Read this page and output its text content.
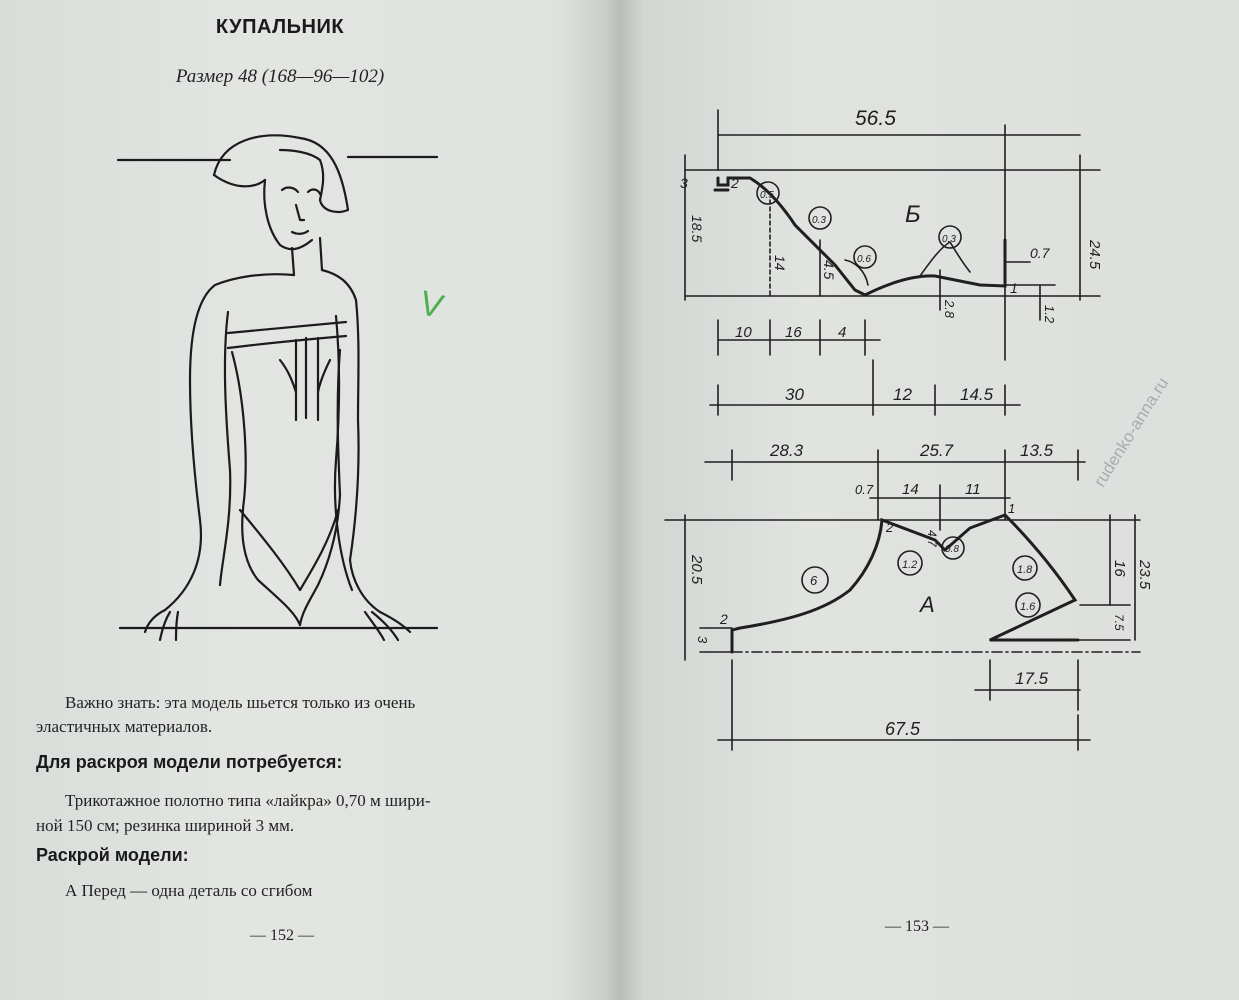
КУПАЛЬНИК
Размер 48 (168—96—102)
V
Важно знать: эта модель шьется только из очень
эластичных материалов.
Для раскроя модели потребуется:
Трикотажное полотно типа «лайкра» 0,70 м шири-
ной 150 см; резинка шириной 3 мм.
Раскрой модели:
А Перед — одна деталь со сгибом
— 152 —
56.5
Б
24.5
3
18.5
2
14 4.5
0.7
1
1.2
2.8
10 16 4
30	12	14.5
0.5
0.3
0.6
0.3
28.3	25.7	13.5
0.7 14	11
1
20.5
3
2
2
4.7
16 23.5
7.5
17.5
67.5
А
6
1.2
0.8
1.8
1.6
rudenko-anna.ru
— 153 —
